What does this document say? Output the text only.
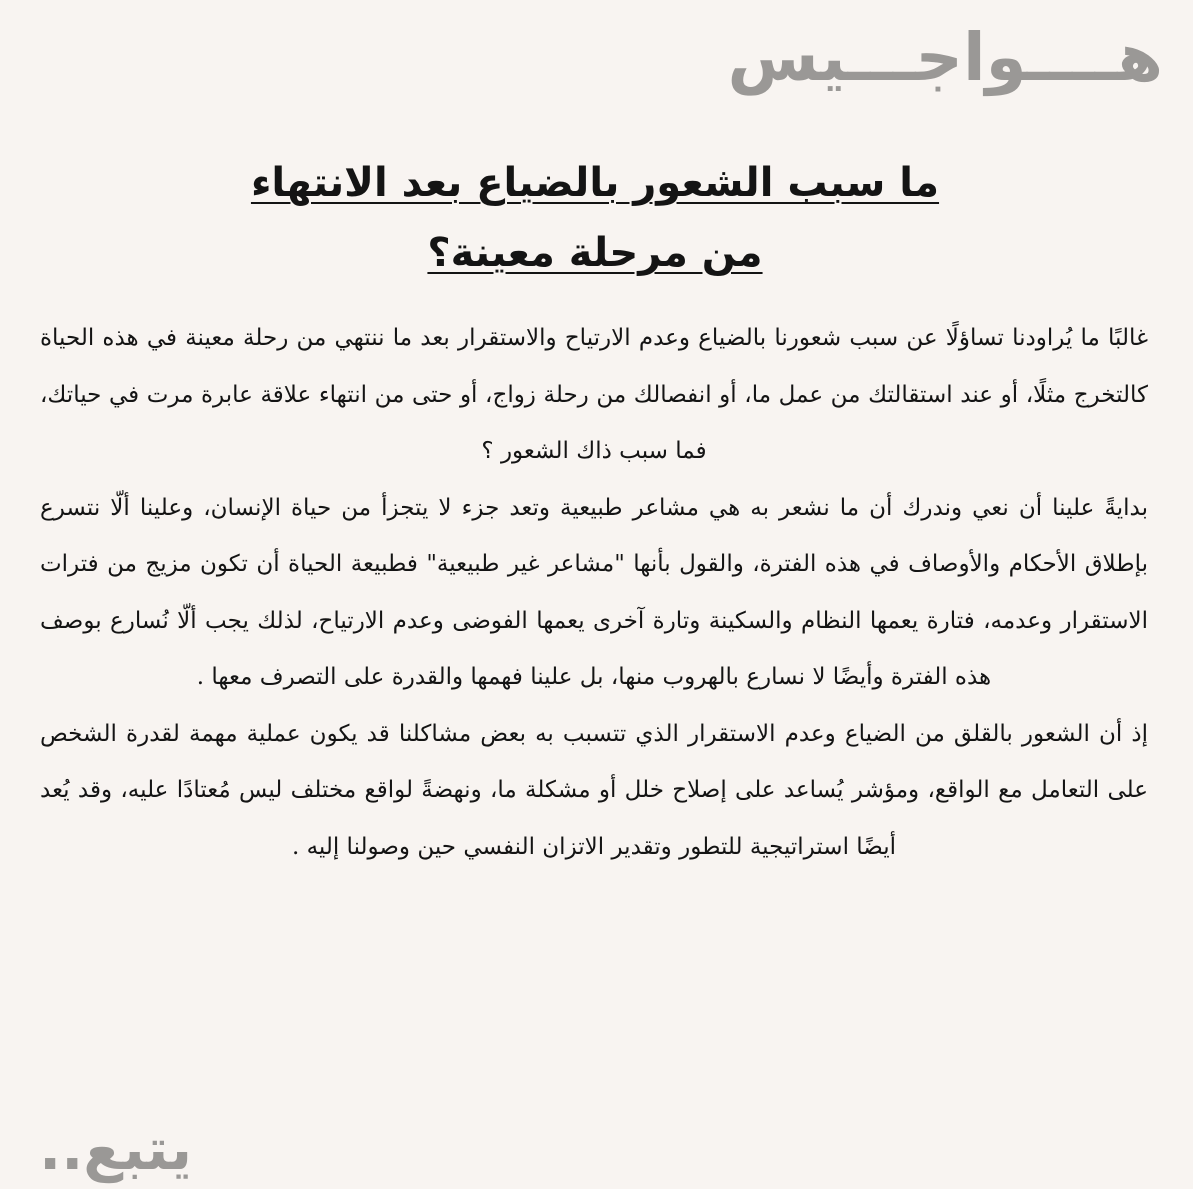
هــــواجـــيس
ما سبب الشعور بالضياع بعد الانتهاء
من مرحلة معينة؟

غالبًا ما يُراودنا تساؤلًا عن سبب شعورنا بالضياع وعدم الارتياح والاستقرار بعد ما ننتهي من رحلة معينة في هذه الحياة كالتخرج مثلًا، أو عند استقالتك من عمل ما، أو انفصالك من رحلة زواج، أو حتى من انتهاء علاقة عابرة مرت في حياتك، فما سبب ذاك الشعور ؟

بدايةً علينا أن نعي وندرك أن ما نشعر به هي مشاعر طبيعية وتعد جزء لا يتجزأ من حياة الإنسان، وعلينا ألّا نتسرع بإطلاق الأحكام والأوصاف في هذه الفترة، والقول بأنها "مشاعر غير طبيعية" فطبيعة الحياة أن تكون مزيج من فترات الاستقرار وعدمه، فتارة يعمها النظام والسكينة وتارة آخرى يعمها الفوضى وعدم الارتياح، لذلك يجب ألّا نُسارع بوصف هذه الفترة وأيضًا لا نسارع بالهروب منها، بل علينا فهمها والقدرة على التصرف معها .

إذ أن الشعور بالقلق من الضياع وعدم الاستقرار الذي تتسبب به بعض مشاكلنا قد يكون عملية مهمة لقدرة الشخص على التعامل مع الواقع، ومؤشر يُساعد على إصلاح خلل أو مشكلة ما، ونهضةً لواقع مختلف ليس مُعتادًا عليه، وقد يُعد أيضًا استراتيجية للتطور وتقدير الاتزان النفسي حين وصولنا إليه .

يتبع..
